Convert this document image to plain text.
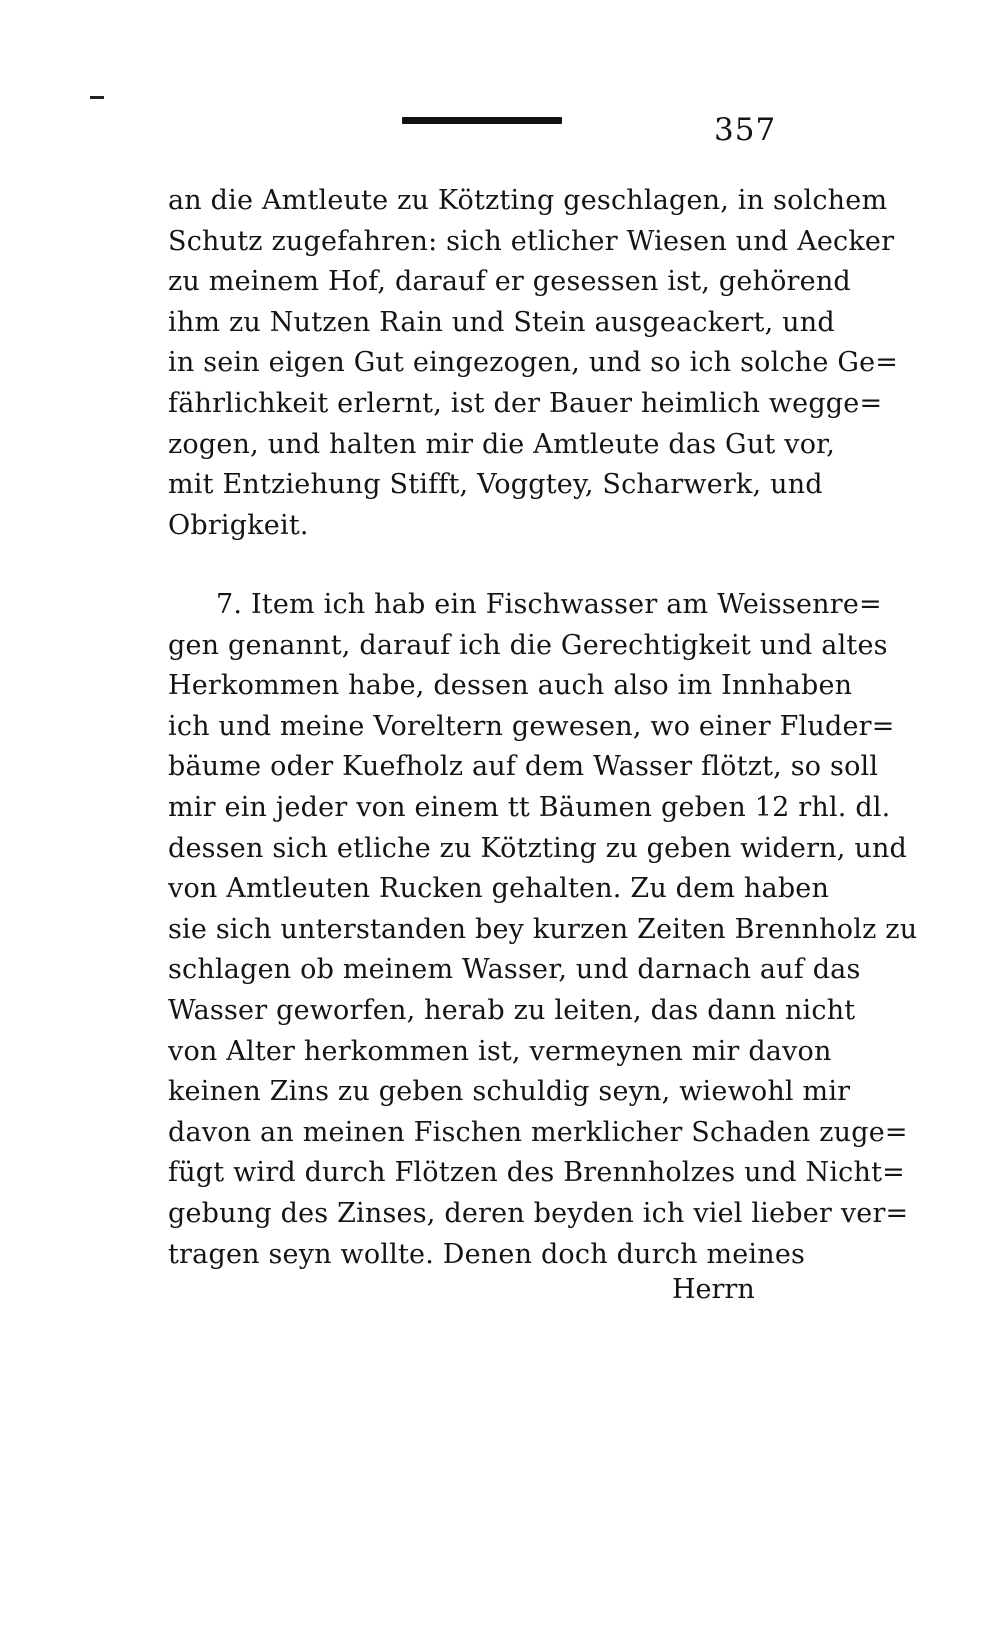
357
an die Amtleute zu Kötzting geschlagen, in solchem
Schutz zugefahren: sich etlicher Wiesen und Aecker
zu meinem Hof, darauf er gesessen ist, gehörend
ihm zu Nutzen Rain und Stein ausgeackert, und
in sein eigen Gut eingezogen, und so ich solche Ge=
fährlichkeit erlernt, ist der Bauer heimlich wegge=
zogen, und halten mir die Amtleute das Gut vor,
mit Entziehung Stifft, Voggtey, Scharwerk, und
Obrigkeit.
7. Item ich hab ein Fischwasser am Weissenre=
gen genannt, darauf ich die Gerechtigkeit und altes
Herkommen habe, dessen auch also im Innhaben
ich und meine Voreltern gewesen, wo einer Fluder=
bäume oder Kuefholz auf dem Wasser flötzt, so soll
mir ein jeder von einem tt Bäumen geben 12 rhl. dl.
dessen sich etliche zu Kötzting zu geben widern, und
von Amtleuten Rucken gehalten. Zu dem haben
sie sich unterstanden bey kurzen Zeiten Brennholz zu
schlagen ob meinem Wasser, und darnach auf das
Wasser geworfen, herab zu leiten, das dann nicht
von Alter herkommen ist, vermeynen mir davon
keinen Zins zu geben schuldig seyn, wiewohl mir
davon an meinen Fischen merklicher Schaden zuge=
fügt wird durch Flötzen des Brennholzes und Nicht=
gebung des Zinses, deren beyden ich viel lieber ver=
tragen seyn wollte. Denen doch durch meines
Herrn
